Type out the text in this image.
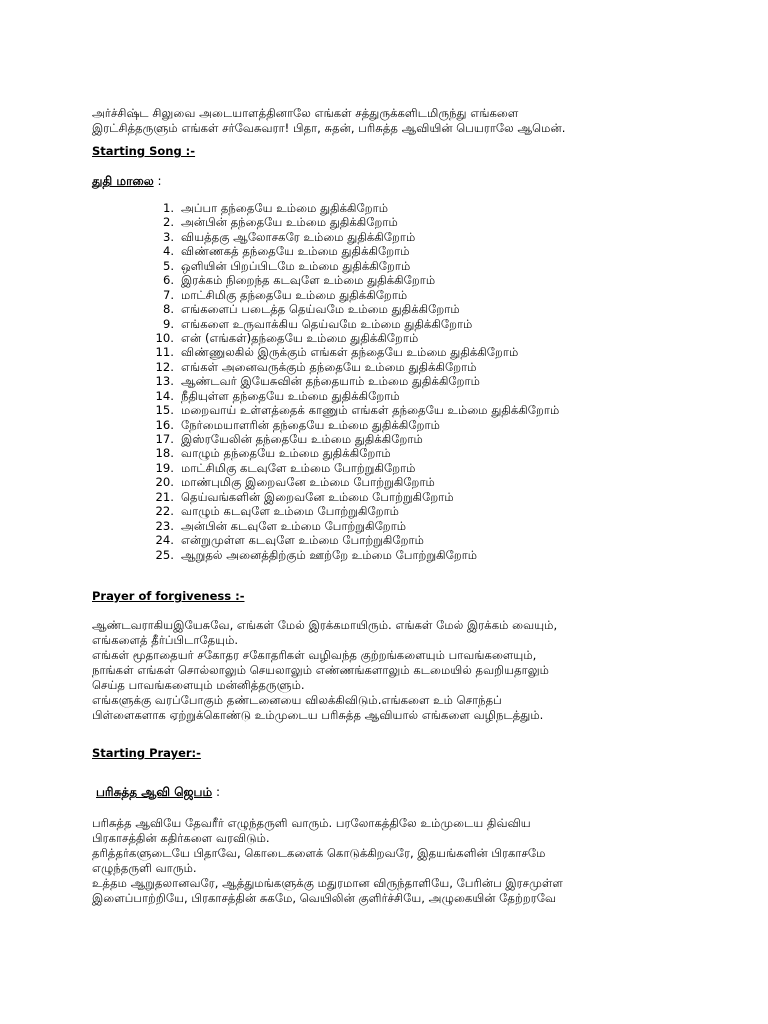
அர்ச்சிஷ்ட சிலுவை அடையாளத்தினாலே எங்கள் சத்துருக்களிடமிருந்து எங்களை

இரட்சித்தருளும் எங்கள் சர்வேசுவரா! பிதா, சுதன், பரிசுத்த ஆவியின் பெயராலே ஆமென்.

Starting Song :-

துதி மாலை :

1. அப்பா தந்தையே உம்மை துதிக்கிறோம்
2. அன்பின் தந்தையே உம்மை துதிக்கிறோம்
3. வியத்தகு ஆலோசகரே உம்மை துதிக்கிறோம்
4. விண்ணகத் தந்தையே உம்மை துதிக்கிறோம்
5. ஒளியின் பிறப்பிடமே உம்மை துதிக்கிறோம்
6. இரக்கம் நிறைந்த கடவுளே உம்மை துதிக்கிறோம்
7. மாட்சிமிகு தந்தையே உம்மை துதிக்கிறோம்
8. எங்களைப் படைத்த தெய்வமே உம்மை துதிக்கிறோம்
9. எங்களை உருவாக்கிய தெய்வமே உம்மை துதிக்கிறோம்
10. என் (எங்கள்)தந்தையே உம்மை துதிக்கிறோம்
11. விண்ணுலகில் இருக்கும் எங்கள் தந்தையே உம்மை துதிக்கிறோம்
12. எங்கள் அனைவருக்கும் தந்தையே உம்மை துதிக்கிறோம்
13. ஆண்டவர் இயேசுவின் தந்தையாம் உம்மை துதிக்கிறோம்
14. நீதியுள்ள தந்தையே உம்மை துதிக்கிறோம்
15. மறைவாய் உள்ளத்தைக் காணும் எங்கள் தந்தையே உம்மை துதிக்கிறோம்
16. நேர்மையாளரின் தந்தையே உம்மை துதிக்கிறோம்
17. இஸ்ரயேலின் தந்தையே உம்மை துதிக்கிறோம்
18. வாழும் தந்தையே உம்மை துதிக்கிறோம்
19. மாட்சிமிகு கடவுளே உம்மை போற்றுகிறோம்
20. மாண்புமிகு இறைவனே உம்மை போற்றுகிறோம்
21. தெய்வங்களின் இறைவனே உம்மை போற்றுகிறோம்
22. வாழும் கடவுளே உம்மை போற்றுகிறோம்
23. அன்பின் கடவுளே உம்மை போற்றுகிறோம்
24. என்றுமுள்ள கடவுளே உம்மை போற்றுகிறோம்
25. ஆறுதல் அனைத்திற்கும் ஊற்றே உம்மை போற்றுகிறோம்

Prayer of forgiveness :-

ஆண்டவராகியஇயேசுவே, எங்கள் மேல் இரக்கமாயிரும். எங்கள் மேல் இரக்கம் வையும்,

எங்களைத் தீர்ப்பிடாதேயும்.

எங்கள் மூதாதையர் சகோதர சகோதரிகள் வழிவந்த குற்றங்களையும் பாவங்களையும்,

நாங்கள் எங்கள் சொல்லாலும் செயலாலும் எண்ணங்களாலும் கடமையில் தவறியதாலும்

செய்த பாவங்களையும் மன்னித்தருளும்.

எங்களுக்கு வரப்போகும் தண்டனையை விலக்கிவிடும்.எங்களை உம் சொந்தப்

பிள்ளைகளாக ஏற்றுக்கொண்டு உம்முடைய பரிசுத்த ஆவியால் எங்களை வழிநடத்தும்.

Starting Prayer:-

பரிசுத்த ஆவி ஜெபம் :

பரிசுத்த ஆவியே தேவரீர் எழுந்தருளி வாரும். பரலோகத்திலே உம்முடைய திவ்விய

பிரகாசத்தின் கதிர்களை வரவிடும்.

தரித்தர்களுடையே பிதாவே, கொடைகளைக் கொடுக்கிறவரே, இதயங்களின் பிரகாசமே

எழுந்தருளி வாரும்.

உத்தம ஆறுதலானவரே, ஆத்துமங்களுக்கு மதுரமான விருந்தாளியே, பேரின்ப இரசமுள்ள

இளைப்பாற்றியே, பிரகாசத்தின் சுகமே, வெயிலின் குளிர்ச்சியே, அழுகையின் தேற்றரவே
